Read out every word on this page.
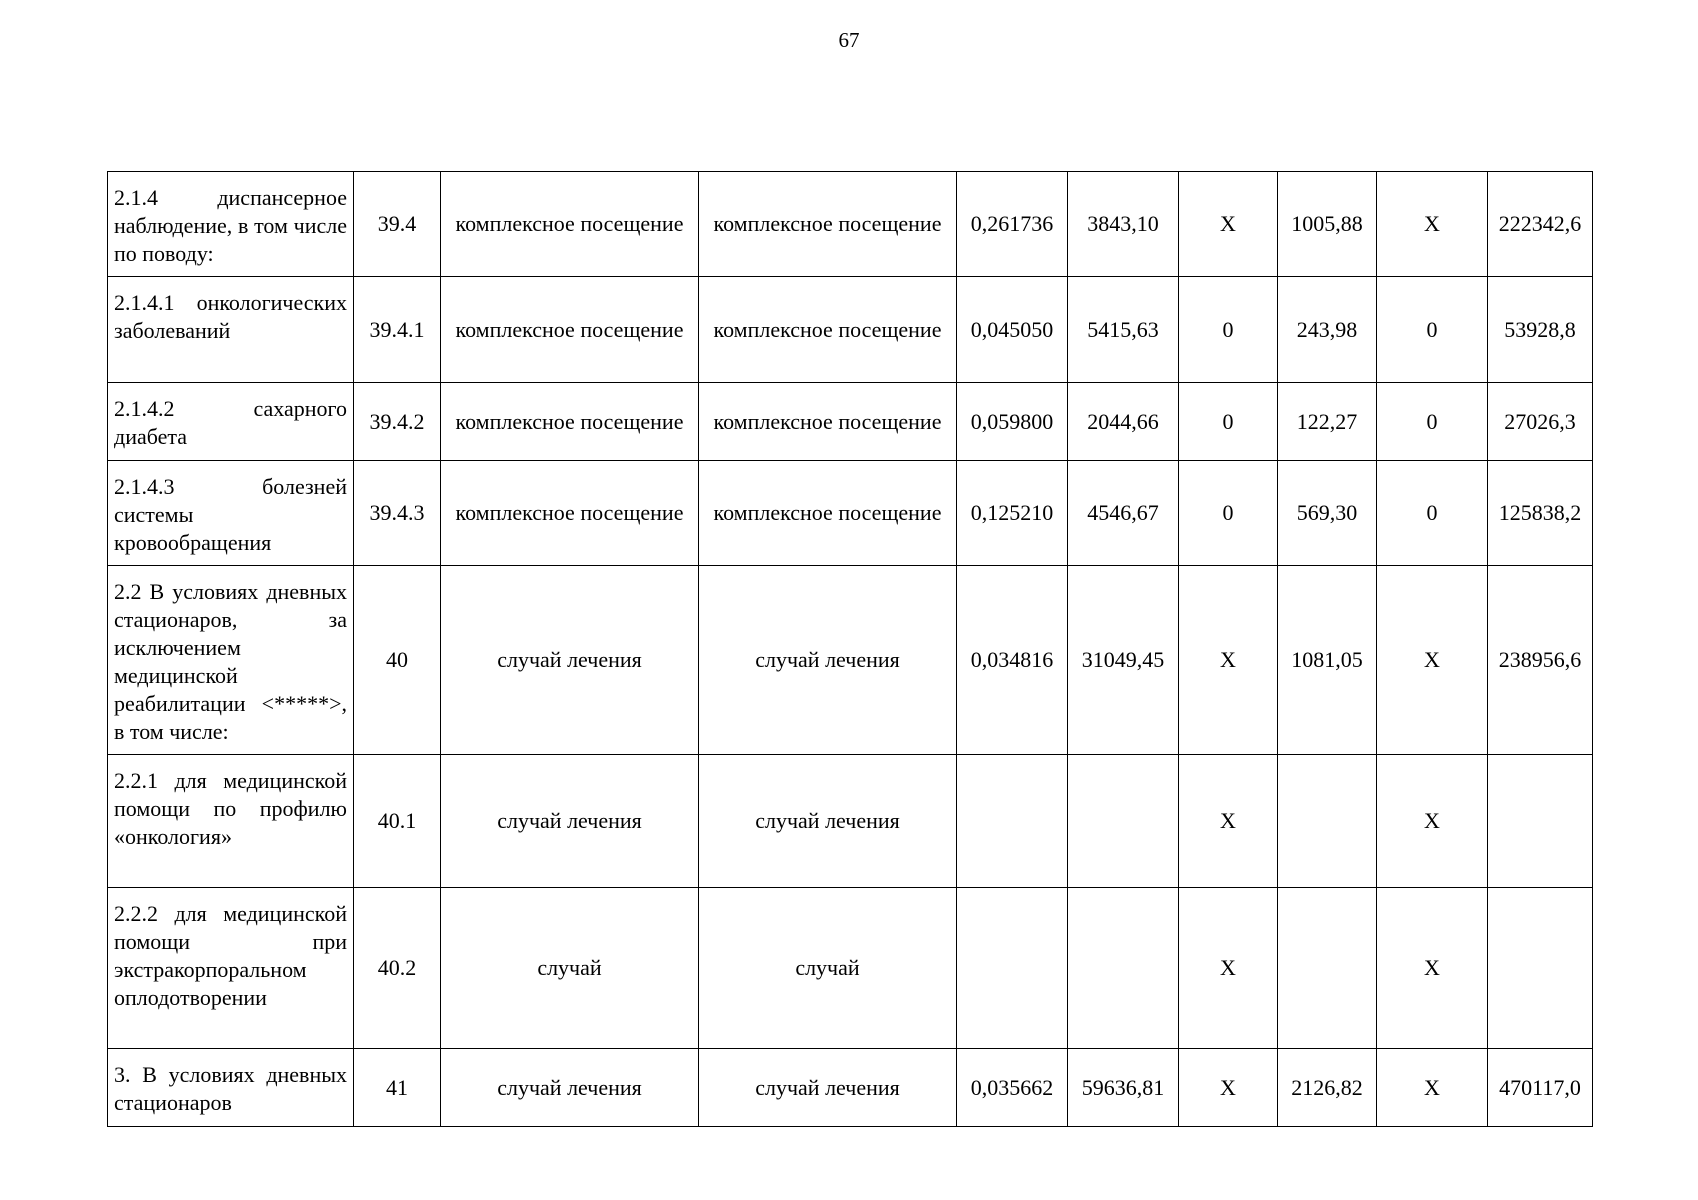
67
2.1.4 диспансерное наблюдение, в том числе по поводу:	39.4	комплексное посещение	комплексное посещение	0,261736	3843,10	X	1005,88	X	222342,6
2.1.4.1 онкологических заболеваний	39.4.1	комплексное посещение	комплексное посещение	0,045050	5415,63	0	243,98	0	53928,8
2.1.4.2 сахарного диабета	39.4.2	комплексное посещение	комплексное посещение	0,059800	2044,66	0	122,27	0	27026,3
2.1.4.3 болезней системы кровообращения	39.4.3	комплексное посещение	комплексное посещение	0,125210	4546,67	0	569,30	0	125838,2
2.2 В условиях дневных стационаров, за исключением медицинской реабилитации <*****>, в том числе:	40	случай лечения	случай лечения	0,034816	31049,45	X	1081,05	X	238956,6
2.2.1 для медицинской помощи по профилю «онкология»	40.1	случай лечения	случай лечения			X		X	
2.2.2 для медицинской помощи при экстракорпоральном оплодотворении	40.2	случай	случай			X		X	
3. В условиях дневных стационаров	41	случай лечения	случай лечения	0,035662	59636,81	X	2126,82	X	470117,0
